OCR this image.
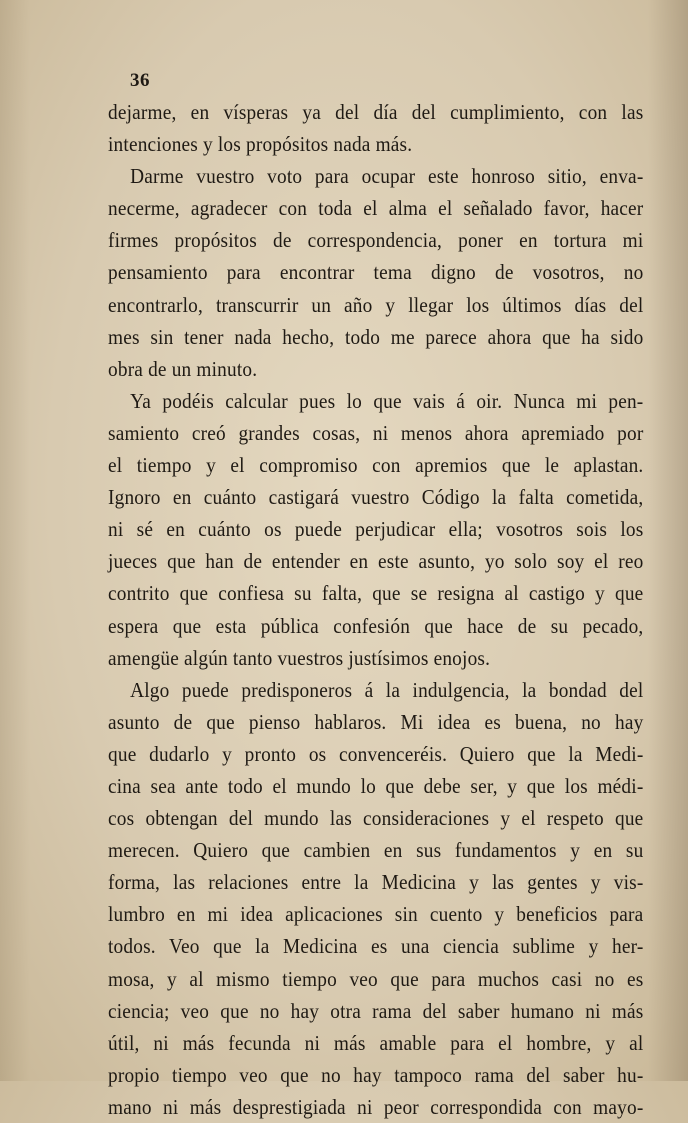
36
dejarme, en vísperas ya del día del cumplimiento, con las
intenciones y los propósitos nada más.
Darme vuestro voto para ocupar este honroso sitio, enva-
necerme, agradecer con toda el alma el señalado favor, hacer
firmes propósitos de correspondencia, poner en tortura mi
pensamiento para encontrar tema digno de vosotros, no
encontrarlo, transcurrir un año y llegar los últimos días del
mes sin tener nada hecho, todo me parece ahora que ha sido
obra de un minuto.
Ya podéis calcular pues lo que vais á oir. Nunca mi pen-
samiento creó grandes cosas, ni menos ahora apremiado por
el tiempo y el compromiso con apremios que le aplastan.
Ignoro en cuánto castigará vuestro Código la falta cometida,
ni sé en cuánto os puede perjudicar ella; vosotros sois los
jueces que han de entender en este asunto, yo solo soy el reo
contrito que confiesa su falta, que se resigna al castigo y que
espera que esta pública confesión que hace de su pecado,
amengüe algún tanto vuestros justísimos enojos.
Algo puede predisponeros á la indulgencia, la bondad del
asunto de que pienso hablaros. Mi idea es buena, no hay
que dudarlo y pronto os convenceréis. Quiero que la Medi-
cina sea ante todo el mundo lo que debe ser, y que los médi-
cos obtengan del mundo las consideraciones y el respeto que
merecen. Quiero que cambien en sus fundamentos y en su
forma, las relaciones entre la Medicina y las gentes y vis-
lumbro en mi idea aplicaciones sin cuento y beneficios para
todos. Veo que la Medicina es una ciencia sublime y her-
mosa, y al mismo tiempo veo que para muchos casi no es
ciencia; veo que no hay otra rama del saber humano ni más
útil, ni más fecunda ni más amable para el hombre, y al
propio tiempo veo que no hay tampoco rama del saber hu-
mano ni más desprestigiada ni peor correspondida con mayo-
